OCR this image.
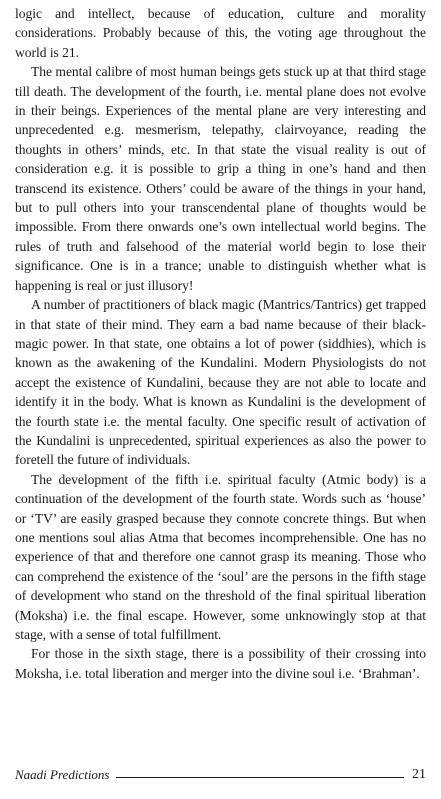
logic and intellect, because of education, culture and morality considerations. Probably because of this, the voting age throughout the world is 21.

The mental calibre of most human beings gets stuck up at that third stage till death. The development of the fourth, i.e. mental plane does not evolve in their beings. Experiences of the mental plane are very interesting and unprecedented e.g. mesmerism, telepathy, clairvoyance, reading the thoughts in others’ minds, etc. In that state the visual reality is out of consideration e.g. it is possible to grip a thing in one’s hand and then transcend its existence. Others’ could be aware of the things in your hand, but to pull others into your transcendental plane of thoughts would be impossible. From there onwards one’s own intellectual world begins. The rules of truth and falsehood of the material world begin to lose their significance. One is in a trance; unable to distinguish whether what is happening is real or just illusory!

A number of practitioners of black magic (Mantrics/Tantrics) get trapped in that state of their mind. They earn a bad name because of their black-magic power. In that state, one obtains a lot of power (siddhies), which is known as the awakening of the Kundalini. Modern Physiologists do not accept the existence of Kundalini, because they are not able to locate and identify it in the body. What is known as Kundalini is the development of the fourth state i.e. the mental faculty. One specific result of activation of the Kundalini is unprecedented, spiritual experiences as also the power to foretell the future of individuals.

The development of the fifth i.e. spiritual faculty (Atmic body) is a continuation of the development of the fourth state. Words such as ‘house’ or ‘TV’ are easily grasped because they connote concrete things. But when one mentions soul alias Atma that becomes incomprehensible. One has no experience of that and therefore one cannot grasp its meaning. Those who can comprehend the existence of the ‘soul’ are the persons in the fifth stage of development who stand on the threshold of the final spiritual liberation (Moksha) i.e. the final escape. However, some unknowingly stop at that stage, with a sense of total fulfillment.

For those in the sixth stage, there is a possibility of their crossing into Moksha, i.e. total liberation and merger into the divine soul i.e. ‘Brahman’.

Naadi Predictions	21
